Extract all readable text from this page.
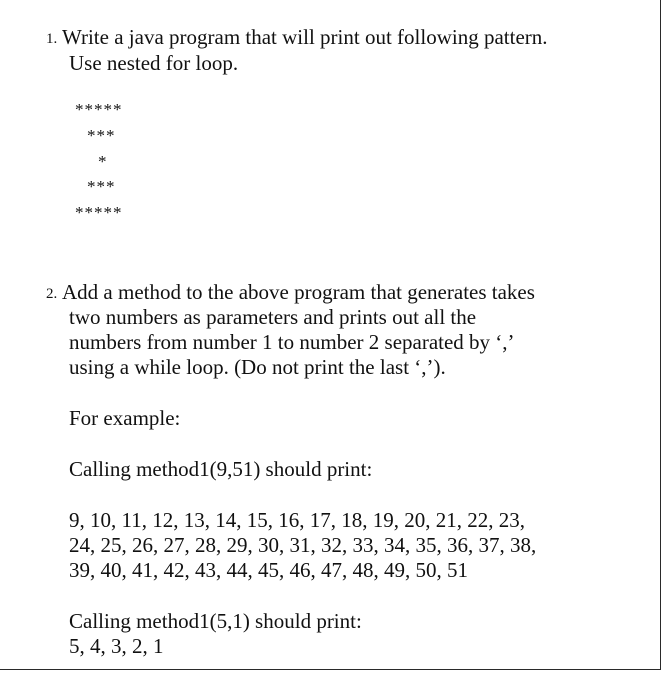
1. Write a java program that will print out following pattern.
Use nested for loop.
*****
***
*
***
*****
2. Add a method to the above program that generates takes
two numbers as parameters and prints out all the
numbers from number 1 to number 2 separated by ‘,’
using a while loop. (Do not print the last ‘,’).
For example:
Calling method1(9,51) should print:
9, 10, 11, 12, 13, 14, 15, 16, 17, 18, 19, 20, 21, 22, 23,
24, 25, 26, 27, 28, 29, 30, 31, 32, 33, 34, 35, 36, 37, 38,
39, 40, 41, 42, 43, 44, 45, 46, 47, 48, 49, 50, 51
Calling method1(5,1) should print:
5, 4, 3, 2, 1
